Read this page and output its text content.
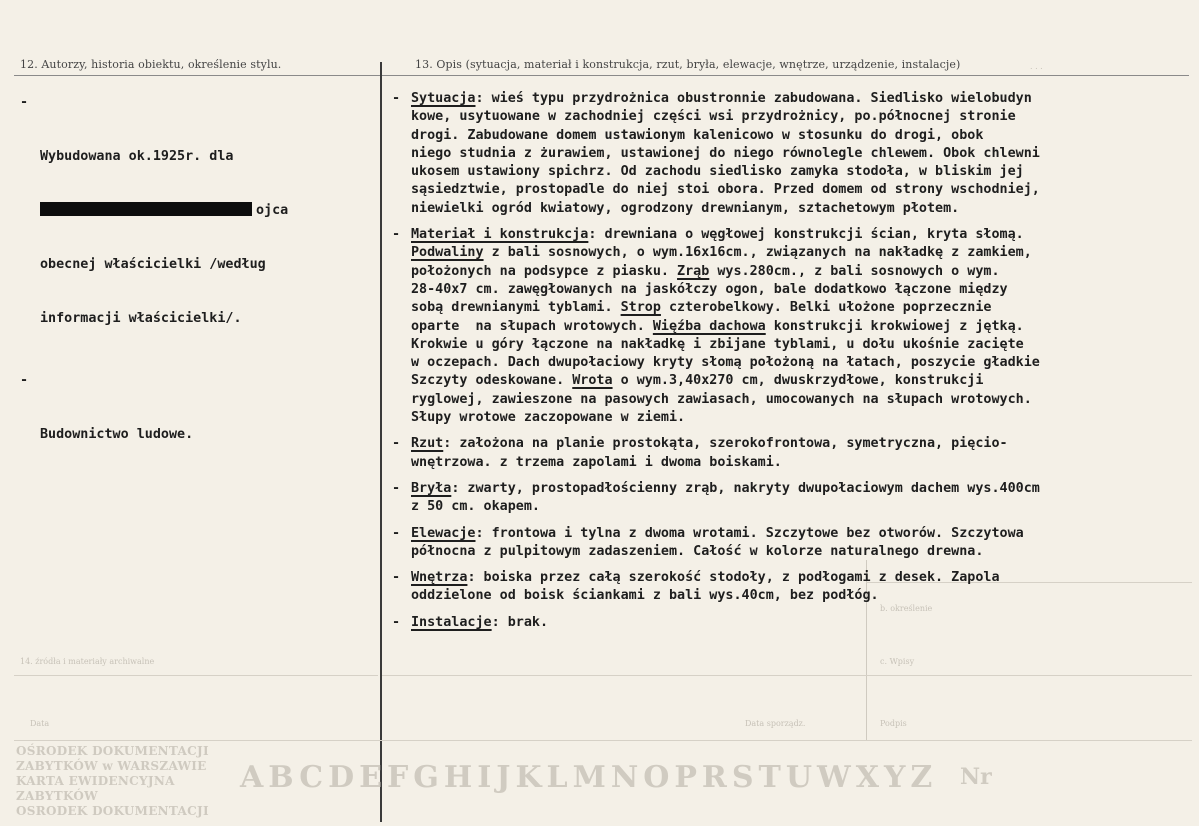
12. Autorzy, historia obiektu, określenie stylu.	13. Opis (sytuacja, materiał i konstrukcja, rzut, bryła, elewacje, wnętrze, urządzenie, instalacje)

-

Wybudowana ok.1925r. dla

ojca

obecnej właścicielki /według

informacji właścicielki/.

-

Budownictwo ludowe.

- Sytuacja: wieś typu przydrożnica obustronnie zabudowana. Siedlisko wielobudyn
kowe, usytuowane w zachodniej części wsi przydrożnicy, po.północnej stronie
drogi. Zabudowane domem ustawionym kalenicowo w stosunku do drogi, obok
niego studnia z żurawiem, ustawionej do niego równolegle chlewem. Obok chlewni
ukosem ustawiony spichrz. Od zachodu siedlisko zamyka stodoła, w bliskim jej
sąsiedztwie, prostopadle do niej stoi obora. Przed domem od strony wschodniej,
niewielki ogród kwiatowy, ogrodzony drewnianym, sztachetowym płotem.
- Materiał i konstrukcja: drewniana o węgłowej konstrukcji ścian, kryta słomą.
Podwaliny z bali sosnowych, o wym.16x16cm., związanych na nakładkę z zamkiem,
położonych na podsypce z piasku. Zrąb wys.280cm., z bali sosnowych o wym.
28-40x7 cm. zawęgłowanych na jaskółczy ogon, bale dodatkowo łączone między
sobą drewnianymi tyblami. Strop czterobelkowy. Belki ułożone poprzecznie
oparte  na słupach wrotowych. Więźba dachowa konstrukcji krokwiowej z jętką.
Krokwie u góry łączone na nakładkę i zbijane tyblami, u dołu ukośnie zacięte
w oczepach. Dach dwupołaciowy kryty słomą położoną na łatach, poszycie gładkie
Szczyty odeskowane. Wrota o wym.3,40x270 cm, dwuskrzydłowe, konstrukcji
ryglowej, zawieszone na pasowych zawiasach, umocowanych na słupach wrotowych.
Słupy wrotowe zaczopowane w ziemi.
- Rzut: założona na planie prostokąta, szerokofrontowa, symetryczna, pięcio-
wnętrzowa. z trzema zapolami i dwoma boiskami.
- Bryła: zwarty, prostopadłościenny zrąb, nakryty dwupołaciowym dachem wys.400cm
z 50 cm. okapem.
- Elewacje: frontowa i tylna z dwoma wrotami. Szczytowe bez otworów. Szczytowa
północna z pulpitowym zadaszeniem. Całość w kolorze naturalnego drewna.
- Wnętrza: boiska przez całą szerokość stodoły, z podłogami z desek. Zapola
oddzielone od boisk ściankami z bali wys.40cm, bez podłóg.
- Instalacje: brak.
. . .
b. określenie
14. źródła i materiały archiwalne	c. Wpisy
Data	Data sporządz.	Podpis
OŚRODEK DOKUMENTACJI
ZABYTKÓW w WARSZAWIE
KARTA EWIDENCYJNA ZABYTKÓW
OSRODEK DOKUMENTACJI
ABCDEFGHIJKLMNOPRSTUWXYZ Nr
